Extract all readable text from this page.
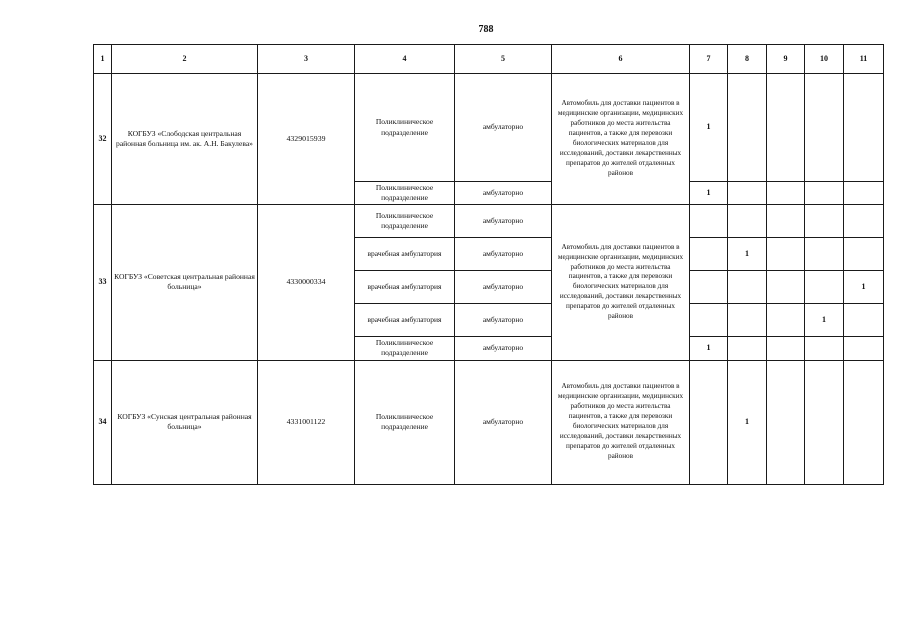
788
1	2	3	4	5	6	7	8	9	10	11
32	КОГБУЗ «Слободская центральная районная больница им. ак. А.Н. Бакулева»	4329015939	Поликлиническое подразделение	амбулаторно	Автомобиль для доставки пациентов в медицинские организации, медицинских работников до места жительства пациентов, а также для перевозки биологических материалов для исследований, доставки лекарственных препаратов до жителей отдаленных районов	1				
			Поликлиническое подразделение	амбулаторно		1				
33	КОГБУЗ «Советская центральная районная больница»	4330000334	Поликлиническое подразделение	амбулаторно	Автомобиль для доставки пациентов в медицинские организации, медицинских работников до места жительства пациентов, а также для перевозки биологических материалов для исследований, доставки лекарственных препаратов до жителей отдаленных районов					
			врачебная амбулатория	амбулаторно			1			
			врачебная амбулатория	амбулаторно						1
			врачебная амбулатория	амбулаторно					1	
			Поликлиническое подразделение	амбулаторно		1				
34	КОГБУЗ «Сунская центральная районная больница»	4331001122	Поликлиническое подразделение	амбулаторно	Автомобиль для доставки пациентов в медицинские организации, медицинских работников до места жительства пациентов, а также для перевозки биологических материалов для исследований, доставки лекарственных препаратов до жителей отдаленных районов		1			
